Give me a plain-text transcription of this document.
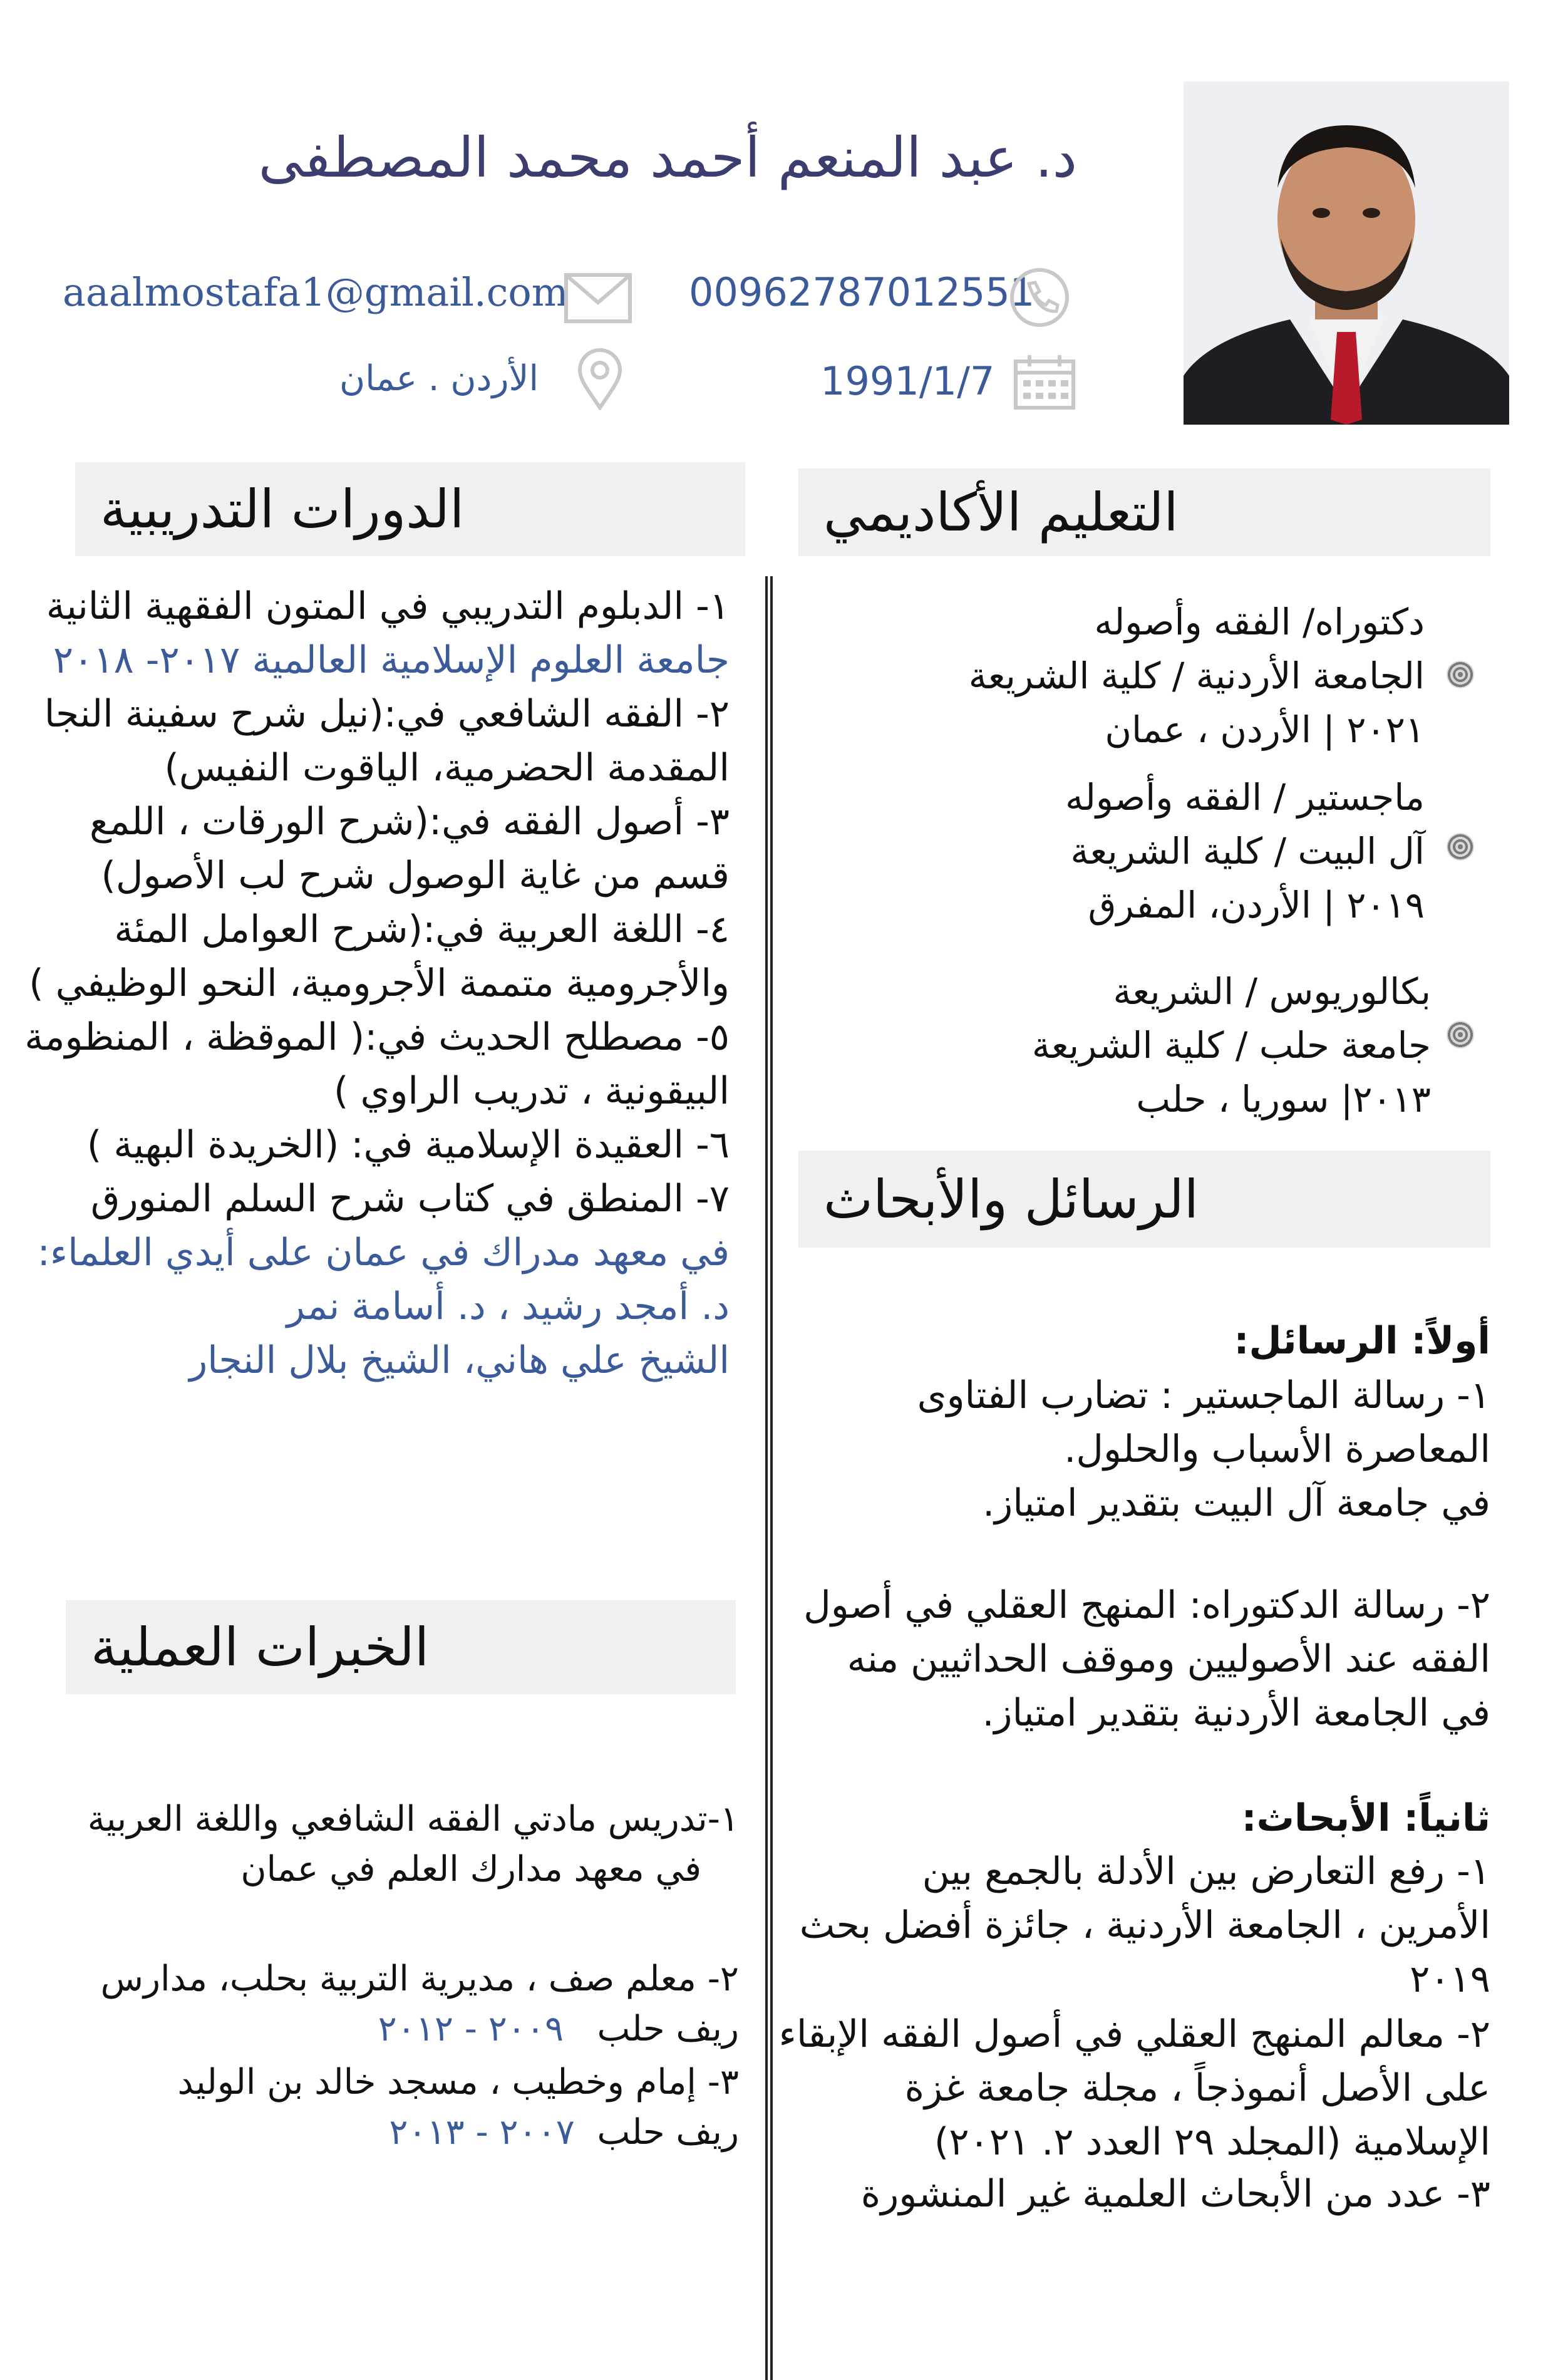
د. عبد المنعم أحمد محمد المصطفى
00962787012551
aaalmostafa1@gmail.com
1991/1/7
الأردن . عمان
التعليم الأكاديمي
دكتوراه/ الفقه وأصوله
الجامعة الأردنية / كلية الشريعة
٢٠٢١ | الأردن ، عمان
ماجستير / الفقه وأصوله
آل البيت / كلية الشريعة
٢٠١٩ | الأردن، المفرق
بكالوريوس / الشريعة
جامعة حلب / كلية الشريعة
٢٠١٣| سوريا ، حلب
الرسائل والأبحاث
أولاً: الرسائل:
١- رسالة الماجستير : تضارب الفتاوى
المعاصرة الأسباب والحلول.
في جامعة آل البيت بتقدير امتياز.
٢- رسالة الدكتوراه: المنهج العقلي في أصول
الفقه عند الأصوليين وموقف الحداثيين منه
في الجامعة الأردنية بتقدير امتياز.
ثانياً: الأبحاث:
١- رفع التعارض بين الأدلة بالجمع بين
الأمرين ، الجامعة الأردنية ، جائزة أفضل بحث
٢٠١٩
٢- معالم المنهج العقلي في أصول الفقه الإبقاء
على الأصل أنموذجاً ، مجلة جامعة غزة
الإسلامية (المجلد ٢٩ العدد ٢. ٢٠٢١)
٣- عدد من الأبحاث العلمية غير المنشورة
الدورات التدريبية
١- الدبلوم التدريبي في المتون الفقهية الثانية
جامعة العلوم الإسلامية العالمية ٢٠١٧- ٢٠١٨
٢- الفقه الشافعي في:(نيل شرح سفينة النجا
المقدمة الحضرمية، الياقوت النفيس)
٣- أصول الفقه في:(شرح الورقات ، اللمع
قسم من غاية الوصول شرح لب الأصول)
٤- اللغة العربية في:(شرح العوامل المئة
والأجرومية متممة الأجرومية، النحو الوظيفي )
٥- مصطلح الحديث في:( الموقظة ، المنظومة
البيقونية ، تدريب الراوي )
٦- العقيدة الإسلامية في: (الخريدة البهية )
٧- المنطق في كتاب شرح السلم المنورق
في معهد مدراك في عمان على أيدي العلماء:
د. أمجد رشيد ، د. أسامة نمر
الشيخ علي هاني، الشيخ بلال النجار
الخبرات العملية
١-تدريس مادتي الفقه الشافعي واللغة العربية
في معهد مدارك العلم في عمان
٢- معلم صف ، مديرية التربية بحلب، مدارس
ريف حلب   ٢٠٠٩ - ٢٠١٢
٣- إمام وخطيب ، مسجد خالد بن الوليد
ريف حلب  ٢٠٠٧ - ٢٠١٣
